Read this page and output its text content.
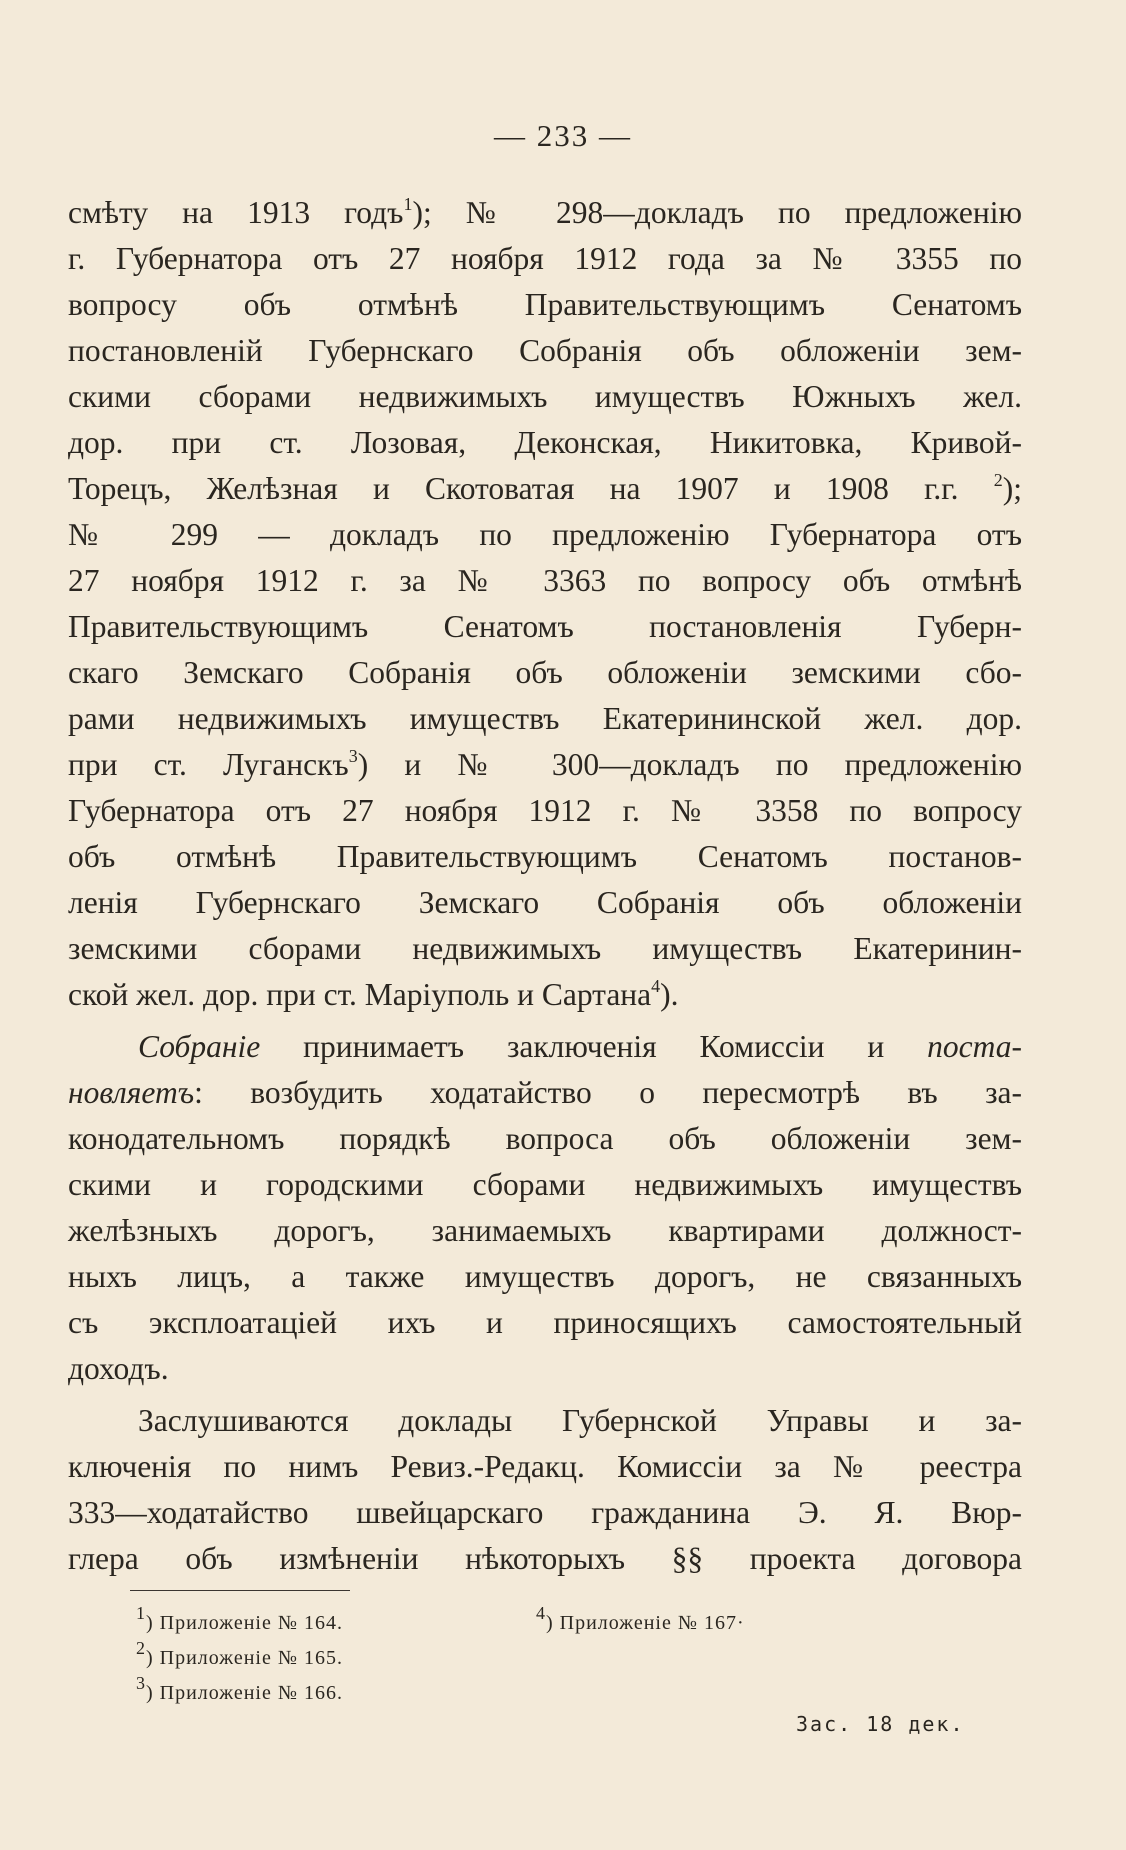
— 233 —

смѣту на 1913 годъ$^1$); № 298—докладъ по предложенію
г. Губернатора отъ 27 ноября 1912 года за № 3355 по
вопросу объ отмѣнѣ Правительствующимъ Сенатомъ
постановленій Губернскаго Собранія объ обложеніи зем-
скими сборами недвижимыхъ имуществъ Южныхъ жел.
дор. при ст. Лозовая, Деконская, Никитовка, Кривой-
Торецъ, Желѣзная и Скотоватая на 1907 и 1908 г.г. $^2$);
№ 299 — докладъ по предложенію Губернатора отъ
27 ноября 1912 г. за № 3363 по вопросу объ отмѣнѣ
Правительствующимъ Сенатомъ постановленія Губерн-
скаго Земскаго Собранія объ обложеніи земскими сбо-
рами недвижимыхъ имуществъ Екатерининской жел. дор.
при ст. Луганскъ$^3$) и № 300—докладъ по предложенію
Губернатора отъ 27 ноября 1912 г. № 3358 по вопросу
объ отмѣнѣ Правительствующимъ Сенатомъ постанов-
ленія Губернскаго Земскаго Собранія объ обложеніи
земскими сборами недвижимыхъ имуществъ Екатеринин-
ской жел. дор. при ст. Маріуполь и Сартана$^4$).

Собраніе принимаетъ заключенія Комиссіи и поста-
новляетъ: возбудить ходатайство о пересмотрѣ въ за-
конодательномъ порядкѣ вопроса объ обложеніи зем-
скими и городскими сборами недвижимыхъ имуществъ
желѣзныхъ дорогъ, занимаемыхъ квартирами должност-
ныхъ лицъ, а также имуществъ дорогъ, не связанныхъ
съ эксплоатаціей ихъ и приносящихъ самостоятельный
доходъ.

Заслушиваются доклады Губернской Управы и за-
ключенія по нимъ Ревиз.-Редакц. Комиссіи за № реестра
333—ходатайство швейцарскаго гражданина Э. Я. Вюр-
глера объ измѣненіи нѣкоторыхъ §§ проекта договора

$^1$) Приложеніе № 164.
$^2$) Приложеніе № 165.
$^3$) Приложеніе № 166.
$^4$) Приложеніе № 167·
Зас. 18 дек.
